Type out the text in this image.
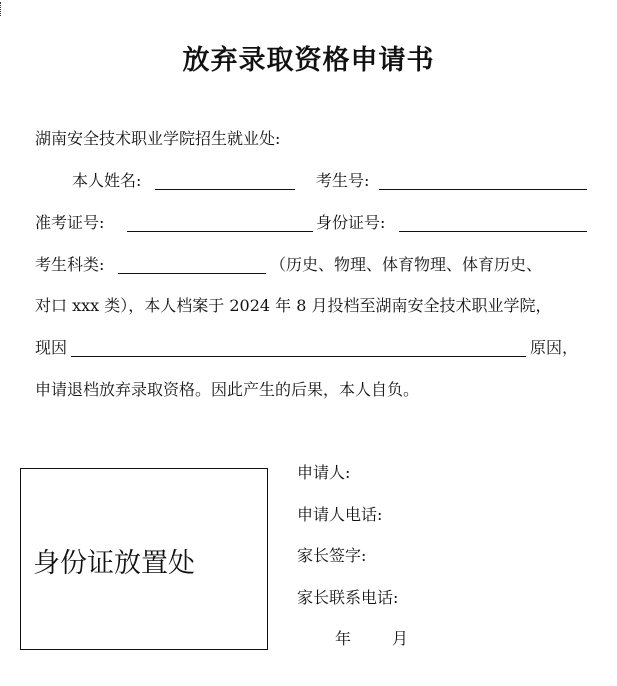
放弃录取资格申请书
湖南安全技术职业学院招生就业处:
本人姓名:	考生号:
准考证号:	身份证号:
考生科类:	（历史、物理、体育物理、体育历史、
对口 xxx 类），本人档案于 2024 年 8 月投档至湖南安全技术职业学院，
现因	原因，
申请退档放弃录取资格。因此产生的后果，本人自负。
身份证放置处
申请人:
申请人电话:
家长签字:
家长联系电话:
年	月
